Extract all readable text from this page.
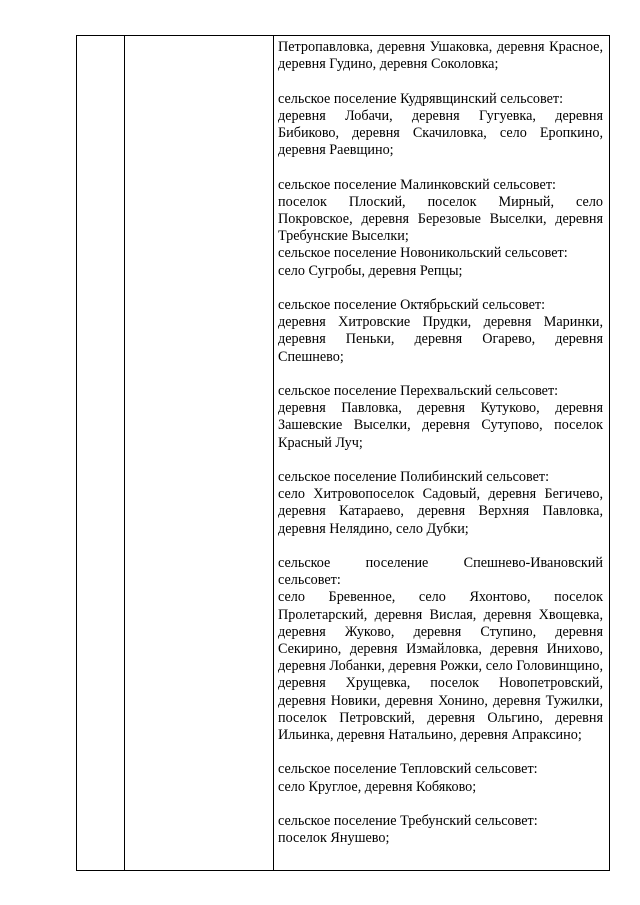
Петропавловка, деревня Ушаковка, деревня Красное, деревня Гудино, деревня Соколовка;

сельское поселение Кудрявщинский сельсовет:

деревня Лобачи, деревня Гугуевка, деревня Бибиково, деревня Скачиловка, село Еропкино, деревня Раевщино;

сельское поселение Малинковский сельсовет:

поселок Плоский, поселок Мирный, село Покровское, деревня Березовые Выселки, деревня Требунские Выселки;

сельское поселение Новоникольский сельсовет:

село Сугробы, деревня Репцы;

сельское поселение Октябрьский сельсовет:

деревня Хитровские Прудки, деревня Маринки, деревня Пеньки, деревня Огарево, деревня Спешнево;

сельское поселение Перехвальский сельсовет:

деревня Павловка, деревня Кутуково, деревня Зашевские Выселки, деревня Сутупово, поселок Красный Луч;

сельское поселение Полибинский сельсовет:

село Хитровопоселок Садовый, деревня Бегичево, деревня Катараево, деревня Верхняя Павловка, деревня Нелядино, село Дубки;

сельское поселение Спешнево-Ивановский сельсовет:

село Бревенное, село Яхонтово, поселок Пролетарский, деревня Вислая, деревня Хвощевка, деревня Жуково, деревня Ступино, деревня Секирино, деревня Измайловка, деревня Инихово, деревня Лобанки, деревня Рожки, село Головинщино, деревня Хрущевка, поселок Новопетровский, деревня Новики, деревня Хонино, деревня Тужилки, поселок Петровский, деревня Ольгино, деревня Ильинка, деревня Натальино, деревня Апраксино;

сельское поселение Тепловский сельсовет:

село Круглое, деревня Кобяково;

сельское поселение Требунский сельсовет:

поселок Янушево;
